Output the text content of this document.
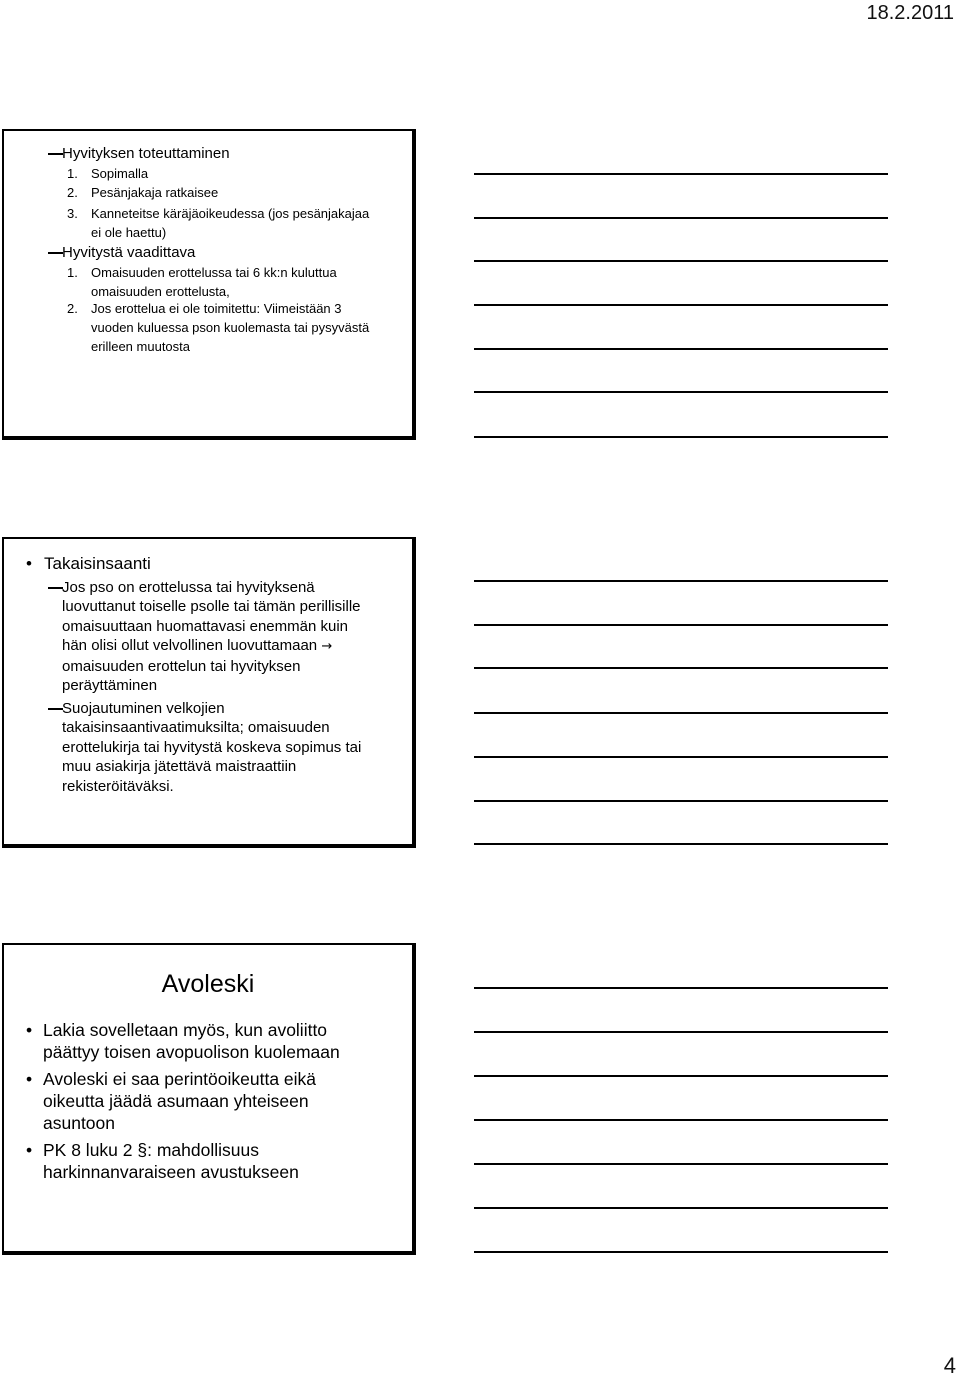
18.2.2011
Hyvityksen toteuttaminen
1. Sopimalla
2. Pesänjakaja ratkaisee
3. Kanneteitse käräjäoikeudessa (jos pesänjakajaa
ei ole haettu)
Hyvitystä vaadittava
1. Omaisuuden erottelussa tai 6 kk:n kuluttua
omaisuuden erottelusta,
2. Jos erottelua ei ole toimitettu: Viimeistään 3
vuoden kuluessa pson kuolemasta tai pysyvästä
erilleen muutosta
• Takaisinsaanti
Jos pso on erottelussa tai hyvityksenä
luovuttanut toiselle psolle tai tämän perillisille
omaisuuttaan huomattavasi enemmän kuin
hän olisi ollut velvollinen luovuttamaan →
omaisuuden erottelun tai hyvityksen
peräyttäminen
Suojautuminen velkojien
takaisinsaantivaatimuksilta; omaisuuden
erottelukirja tai hyvitystä koskeva sopimus tai
muu asiakirja jätettävä maistraattiin
rekisteröitäväksi.
Avoleski
• Lakia sovelletaan myös, kun avoliitto
päättyy toisen avopuolison kuolemaan
• Avoleski ei saa perintöoikeutta eikä
oikeutta jäädä asumaan yhteiseen
asuntoon
• PK 8 luku 2 §: mahdollisuus
harkinnanvaraiseen avustukseen
4
